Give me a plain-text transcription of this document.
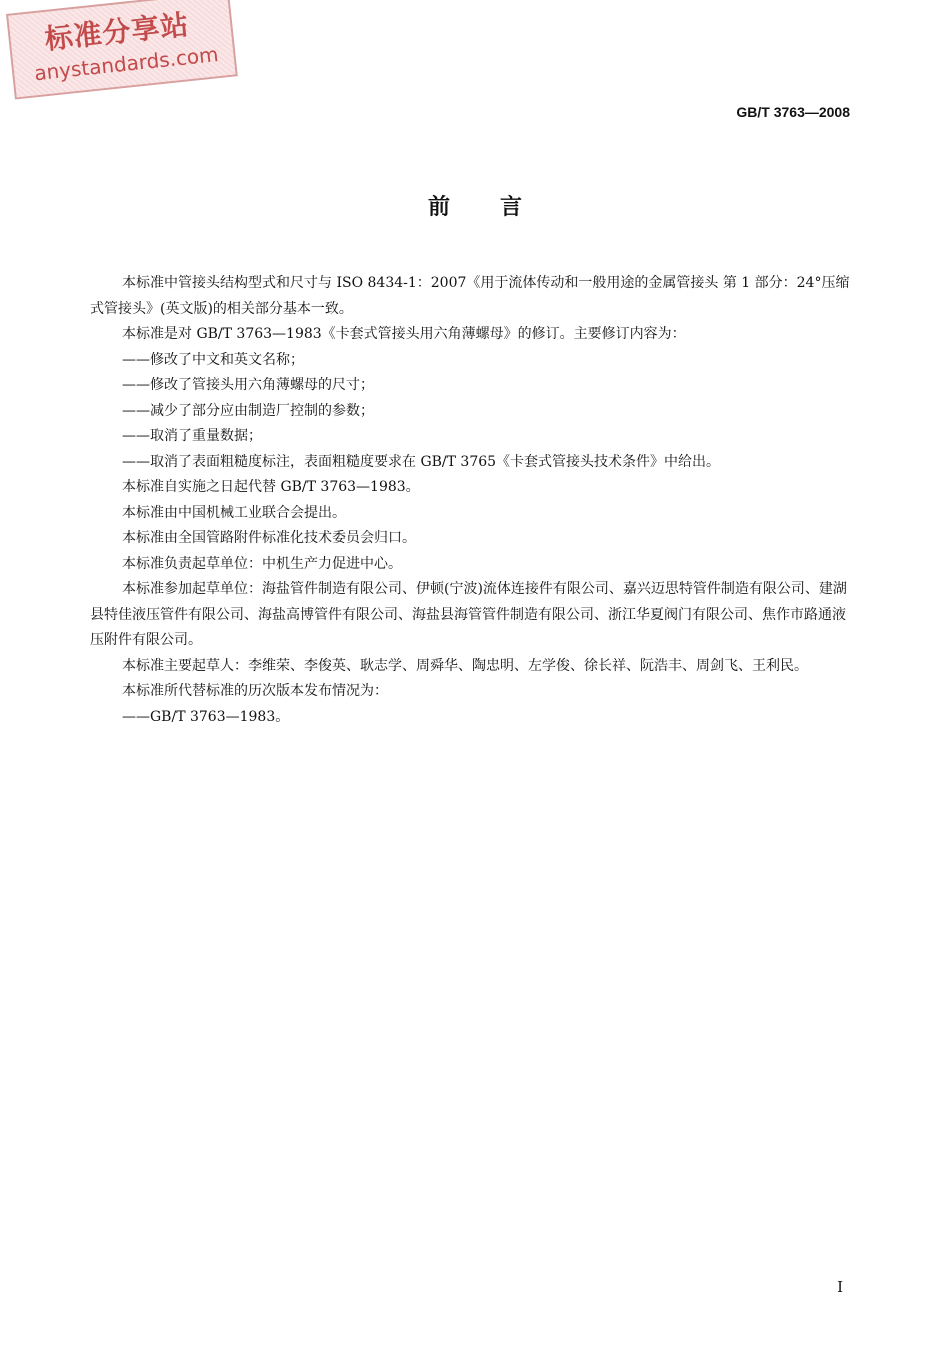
标准分享站
anystandards.com
GB/T 3763—2008
前言

本标准中管接头结构型式和尺寸与 ISO 8434-1：2007《用于流体传动和一般用途的金属管接头 第 1 部分：24°压缩式管接头》(英文版)的相关部分基本一致。

本标准是对 GB/T 3763—1983《卡套式管接头用六角薄螺母》的修订。主要修订内容为：

——修改了中文和英文名称；

——修改了管接头用六角薄螺母的尺寸；

——减少了部分应由制造厂控制的参数；

——取消了重量数据；

——取消了表面粗糙度标注，表面粗糙度要求在 GB/T 3765《卡套式管接头技术条件》中给出。

本标准自实施之日起代替 GB/T 3763—1983。

本标准由中国机械工业联合会提出。

本标准由全国管路附件标准化技术委员会归口。

本标准负责起草单位：中机生产力促进中心。

本标准参加起草单位：海盐管件制造有限公司、伊顿(宁波)流体连接件有限公司、嘉兴迈思特管件制造有限公司、建湖县特佳液压管件有限公司、海盐高博管件有限公司、海盐县海管管件制造有限公司、浙江华夏阀门有限公司、焦作市路通液压附件有限公司。

本标准主要起草人：李维荣、李俊英、耿志学、周舜华、陶忠明、左学俊、徐长祥、阮浩丰、周剑飞、王利民。

本标准所代替标准的历次版本发布情况为：

——GB/T 3763—1983。

I
